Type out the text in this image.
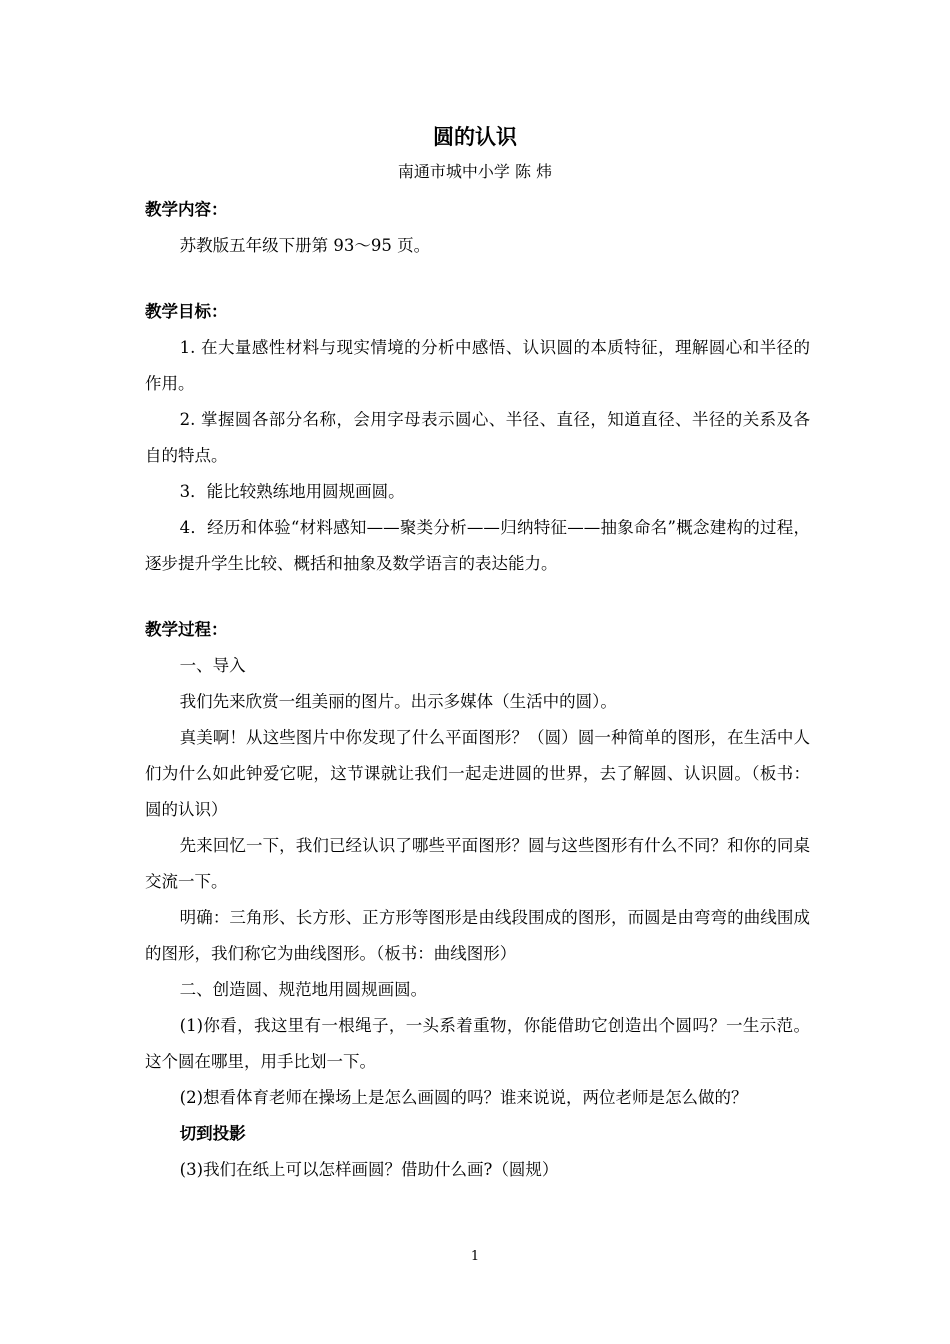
圆的认识
南通市城中小学 陈 炜
教学内容：

苏教版五年级下册第 93～95 页。

教学目标：

1. 在大量感性材料与现实情境的分析中感悟、认识圆的本质特征，理解圆心和半径的作用。

2. 掌握圆各部分名称，会用字母表示圆心、半径、直径，知道直径、半径的关系及各自的特点。

3．能比较熟练地用圆规画圆。

4．经历和体验“材料感知——聚类分析——归纳特征——抽象命名”概念建构的过程，逐步提升学生比较、概括和抽象及数学语言的表达能力。

教学过程：

一、导入

我们先来欣赏一组美丽的图片。出示多媒体（生活中的圆）。

真美啊！从这些图片中你发现了什么平面图形？（圆）圆一种简单的图形，在生活中人们为什么如此钟爱它呢，这节课就让我们一起走进圆的世界，去了解圆、认识圆。（板书：圆的认识）

先来回忆一下，我们已经认识了哪些平面图形？圆与这些图形有什么不同？和你的同桌交流一下。

明确：三角形、长方形、正方形等图形是由线段围成的图形，而圆是由弯弯的曲线围成的图形，我们称它为曲线图形。（板书：曲线图形）

二、创造圆、规范地用圆规画圆。

(1)你看，我这里有一根绳子，一头系着重物，你能借助它创造出个圆吗？一生示范。这个圆在哪里，用手比划一下。

(2)想看体育老师在操场上是怎么画圆的吗？谁来说说，两位老师是怎么做的？

切到投影

(3)我们在纸上可以怎样画圆？借助什么画?（圆规）

1
